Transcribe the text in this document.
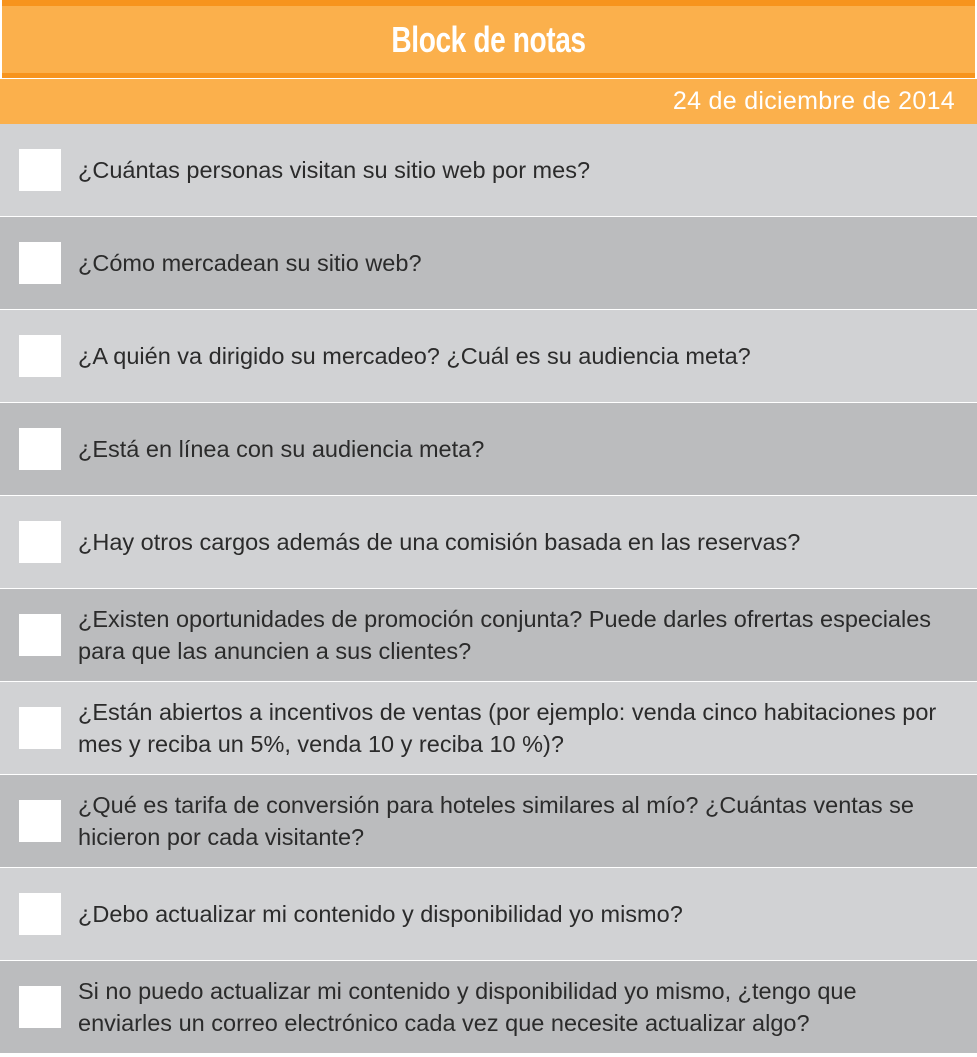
Block de notas
24 de diciembre de 2014
¿Cuántas personas visitan su sitio web por mes?
¿Cómo mercadean su sitio web?
¿A quién va dirigido su mercadeo? ¿Cuál es su audiencia meta?
¿Está en línea con su audiencia meta?
¿Hay otros cargos además de una comisión basada en las reservas?
¿Existen oportunidades de promoción conjunta? Puede darles ofrertas especiales para que las anuncien a sus clientes?
¿Están abiertos a incentivos de ventas (por ejemplo: venda cinco habitaciones por mes y reciba un 5%, venda 10 y reciba 10 %)?
¿Qué es tarifa de conversión para hoteles similares al mío? ¿Cuántas ventas se hicieron por cada visitante?
¿Debo actualizar mi contenido y disponibilidad yo mismo?
Si no puedo actualizar mi contenido y disponibilidad yo mismo, ¿tengo que enviarles un correo electrónico cada vez que necesite actualizar algo?
